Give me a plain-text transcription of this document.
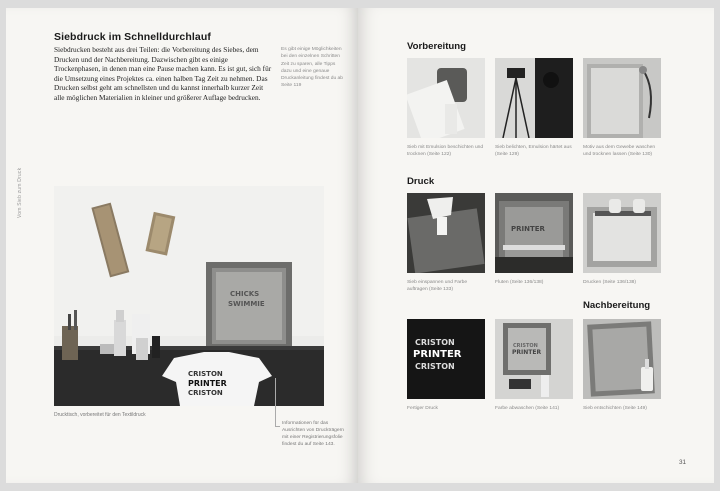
Siebdruck im Schnelldurchlauf

Siebdrucken besteht aus drei Teilen: die Vorbereitung des Siebes, dem Drucken und der Nachbereitung. Dazwischen gibt es einige Trockenphasen, in denen man eine Pause machen kann. Es ist gut, sich für die Umsetzung eines Projektes ca. einen halben Tag Zeit zu nehmen. Das Drucken selbst geht am schnellsten und du kannst innerhalb kurzer Zeit alle möglichen Materialien in kleiner und größerer Auflage bedrucken.

Es gibt einige Möglichkeiten bei den einzelnen Schritten Zeit zu sparen, alle Tipps dazu und eine genaue Druckanleitung findest du ab Seite 119

Vom Sieb zum Druck
CHICKS
SWIMMIE
CRISTON
PRINTER
CRISTON

Drucktisch, vorbereitet für den Textildruck

Informationen für das Ausrichten von Druckträgern mit einer Registrierungsfolie findest du auf Seite 143.

Vorbereitung

Sieb mit Emulsion beschichten und trocknen (Seite 122)

Sieb belichten, Emulsion härtet aus (Seite 129)

Motiv aus dem Gewebe waschen und trocknen lassen (Seite 130)

Druck
PRINTER

Sieb einspannen und Farbe auftragen (Seite 133)

Fluten (Seite 136/138)	Drucken (Seite 136/138)

Nachbereitung
CRISTON
PRINTER
CRISTON
CRISTON
PRINTER

Fertiger Druck	Farbe abwaschen (Seite 141)	Sieb entschichten (Seite 149)

31
